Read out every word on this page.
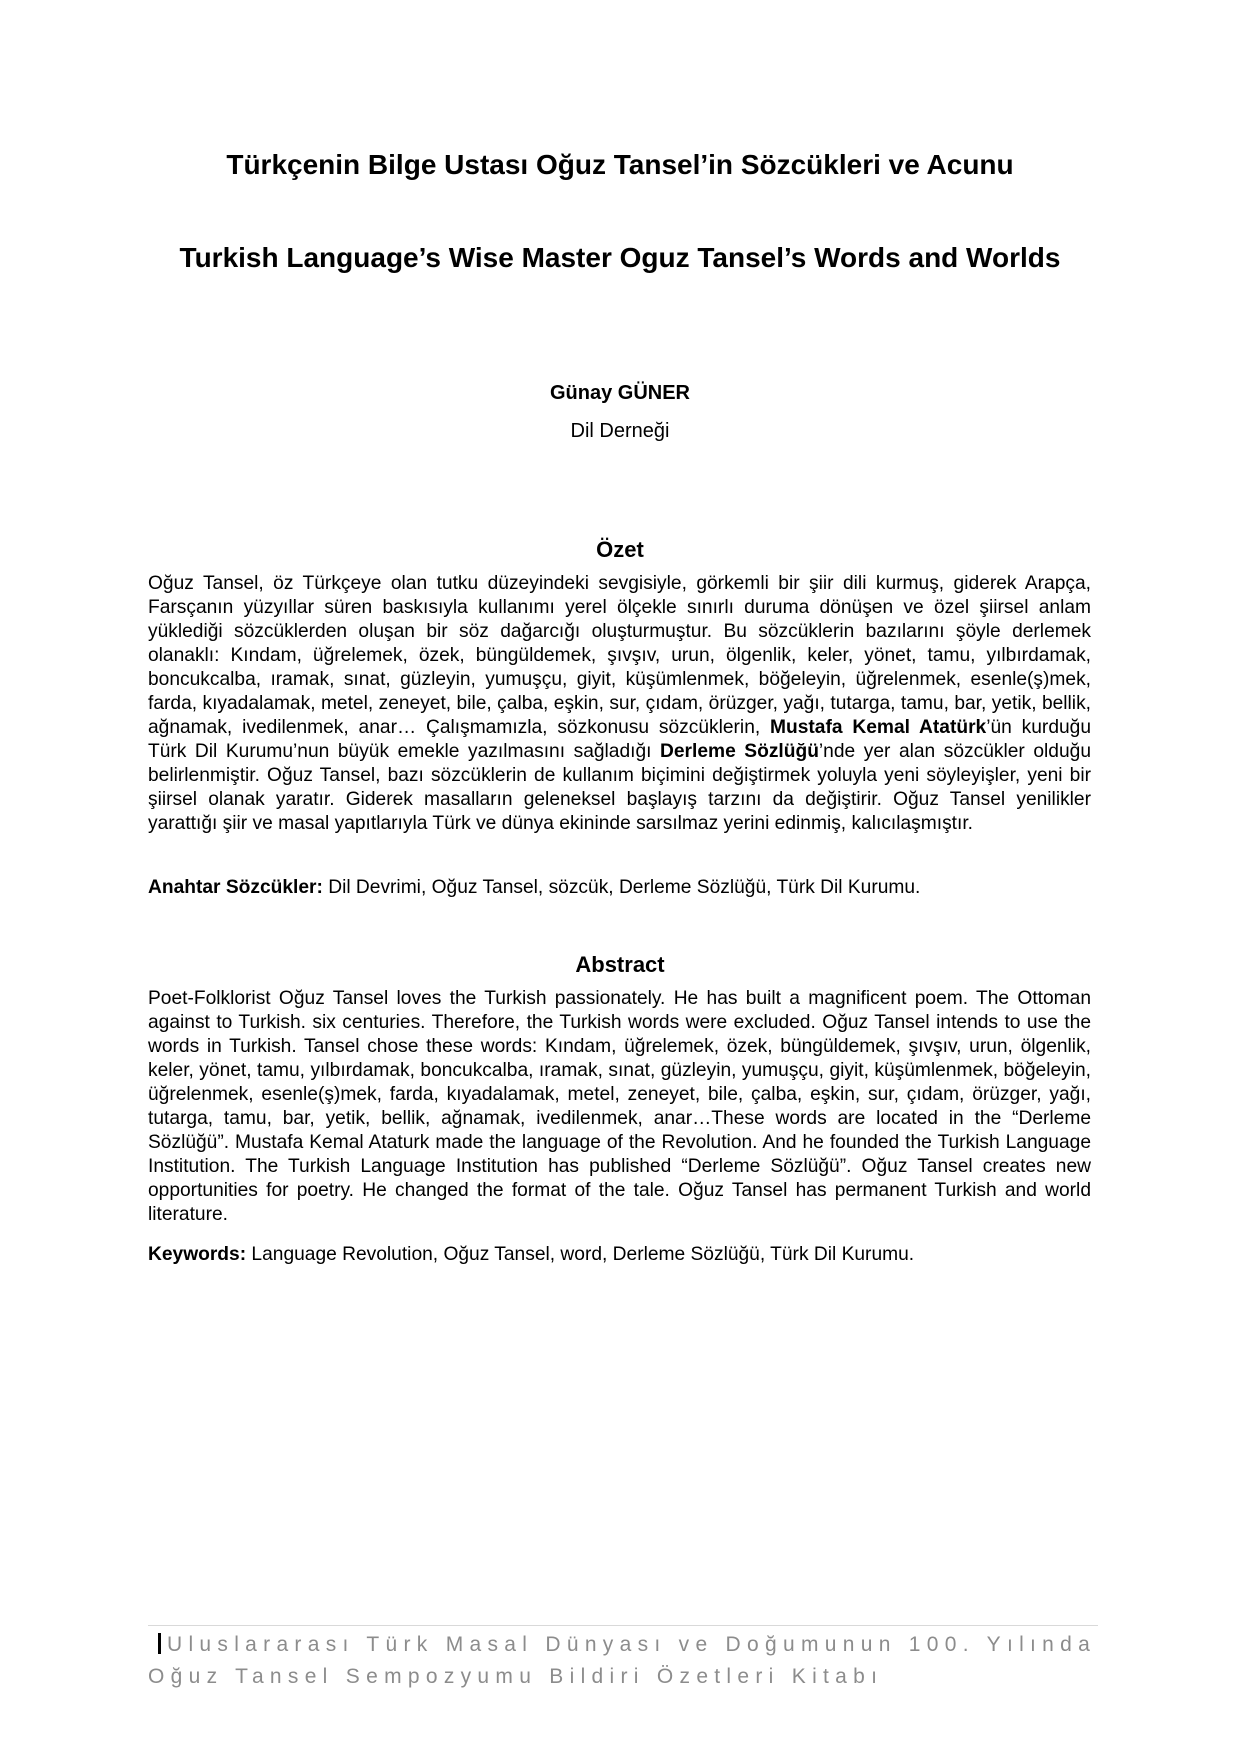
Türkçenin Bilge Ustası Oğuz Tansel’in Sözcükleri ve Acunu
Turkish Language’s Wise Master Oguz Tansel’s Words and Worlds
Günay GÜNER
Dil Derneği
Özet

Oğuz Tansel, öz Türkçeye olan tutku düzeyindeki sevgisiyle, görkemli bir şiir dili kurmuş, giderek Arapça, Farsçanın yüzyıllar süren baskısıyla kullanımı yerel ölçekle sınırlı duruma dönüşen ve özel şiirsel anlam yüklediği sözcüklerden oluşan bir söz dağarcığı oluşturmuştur. Bu sözcüklerin bazılarını şöyle derlemek olanaklı: Kındam, üğrelemek, özek, büngüldemek, şıvşıv, urun, ölgenlik, keler, yönet, tamu, yılbırdamak, boncukcalba, ıramak, sınat, güzleyin, yumuşçu, giyit, küşümlenmek, böğeleyin, üğrelenmek, esenle(ş)mek, farda, kıyadalamak, metel, zeneyet, bile, çalba, eşkin, sur, çıdam, örüzger, yağı, tutarga, tamu, bar, yetik, bellik, ağnamak, ivedilenmek, anar… Çalışmamızla, sözkonusu sözcüklerin, Mustafa Kemal Atatürk’ün kurduğu Türk Dil Kurumu’nun büyük emekle yazılmasını sağladığı Derleme Sözlüğü’nde yer alan sözcükler olduğu belirlenmiştir. Oğuz Tansel, bazı sözcüklerin de kullanım biçimini değiştirmek yoluyla yeni söyleyişler, yeni bir şiirsel olanak yaratır. Giderek masalların geleneksel başlayış tarzını da değiştirir. Oğuz Tansel yenilikler yarattığı şiir ve masal yapıtlarıyla Türk ve dünya ekininde sarsılmaz yerini edinmiş, kalıcılaşmıştır.

Anahtar Sözcükler: Dil Devrimi, Oğuz Tansel, sözcük, Derleme Sözlüğü, Türk Dil Kurumu.

Abstract

Poet-Folklorist Oğuz Tansel loves the Turkish passionately. He has built a magnificent poem. The Ottoman against to Turkish. six centuries. Therefore, the Turkish words were excluded. Oğuz Tansel intends to use the words in Turkish. Tansel chose these words: Kındam, üğrelemek, özek, büngüldemek, şıvşıv, urun, ölgenlik, keler, yönet, tamu, yılbırdamak, boncukcalba, ıramak, sınat, güzleyin, yumuşçu, giyit, küşümlenmek, böğeleyin, üğrelenmek, esenle(ş)mek, farda, kıyadalamak, metel, zeneyet, bile, çalba, eşkin, sur, çıdam, örüzger, yağı, tutarga, tamu, bar, yetik, bellik, ağnamak, ivedilenmek, anar…These words are located in the “Derleme Sözlüğü”. Mustafa Kemal Ataturk made the language of the Revolution. And he founded the Turkish Language Institution. The Turkish Language Institution has published “Derleme Sözlüğü”. Oğuz Tansel creates new opportunities for poetry. He changed the format of the tale. Oğuz Tansel has permanent Turkish and world literature.

Keywords: Language Revolution, Oğuz Tansel, word, Derleme Sözlüğü, Türk Dil Kurumu.

Uluslararası Türk Masal Dünyası ve Doğumunun 100. Yılında
Oğuz Tansel Sempozyumu Bildiri Özetleri Kitabı
